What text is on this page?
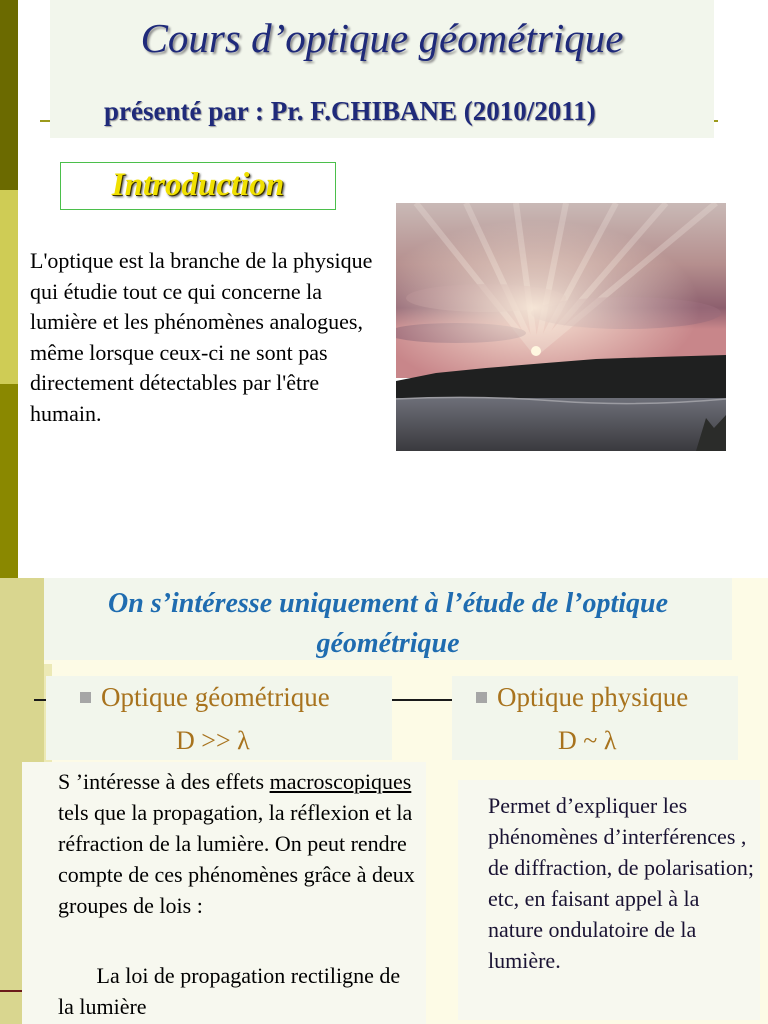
Cours d’optique géométrique
présenté par : Pr. F.CHIBANE (2010/2011)
Introduction
L'optique est la branche de la physique qui étudie tout ce qui concerne la lumière et les phénomènes analogues, même lorsque ceux-ci ne sont pas directement détectables par l'être humain.
On s’intéresse uniquement à l’étude de l’optique géométrique
Optique géométrique
D >> λ
Optique physique
D ~ λ
S ’intéresse à des effets macroscopiques tels que la propagation, la réflexion et la réfraction de la lumière. On peut rendre compte de ces phénomènes grâce à deux groupes de lois :
La loi de propagation rectiligne de la lumière
Permet d’expliquer les phénomènes d’interférences , de diffraction, de polarisation; etc, en faisant appel à la nature ondulatoire de la lumière.
